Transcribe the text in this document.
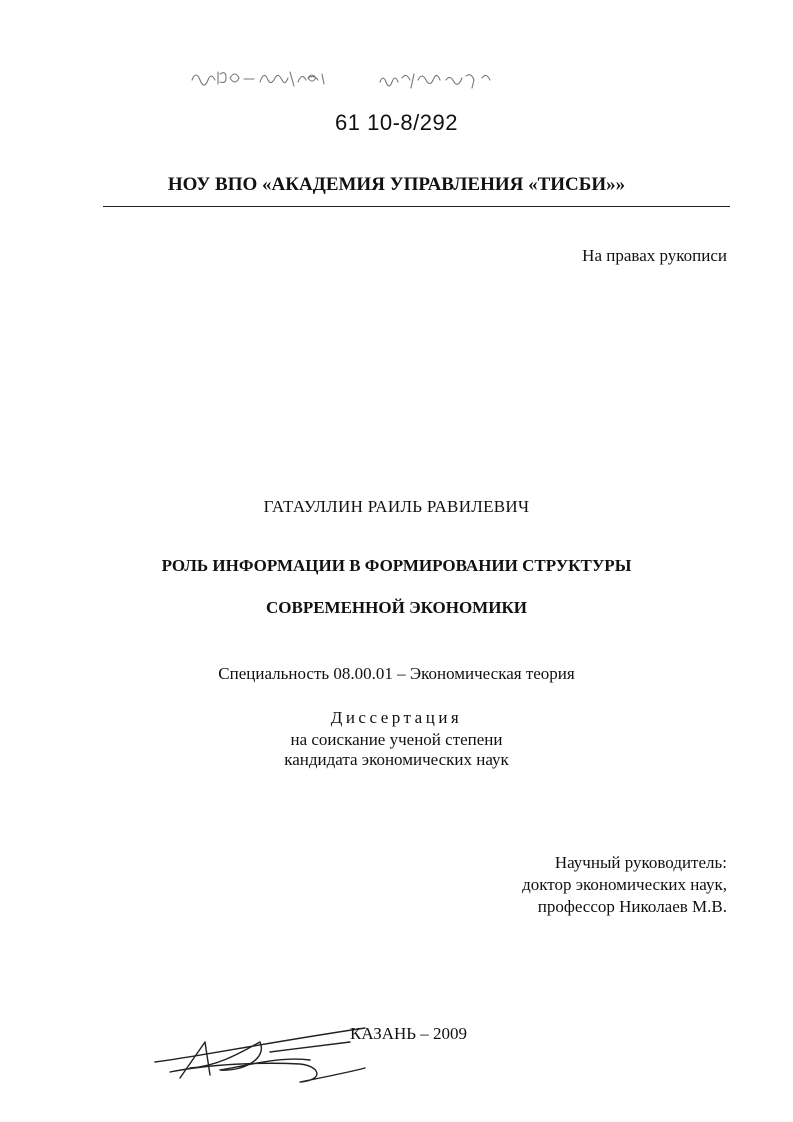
61 10-8/292
НОУ ВПО «АКАДЕМИЯ УПРАВЛЕНИЯ «ТИСБИ»»
На правах рукописи
ГАТАУЛЛИН РАИЛЬ РАВИЛЕВИЧ
РОЛЬ ИНФОРМАЦИИ В ФОРМИРОВАНИИ СТРУКТУРЫ
СОВРЕМЕННОЙ ЭКОНОМИКИ
Специальность 08.00.01 – Экономическая теория
Диссертация
на соискание ученой степени
кандидата экономических наук
Научный руководитель:
доктор экономических наук,
профессор Николаев М.В.
КАЗАНЬ – 2009
